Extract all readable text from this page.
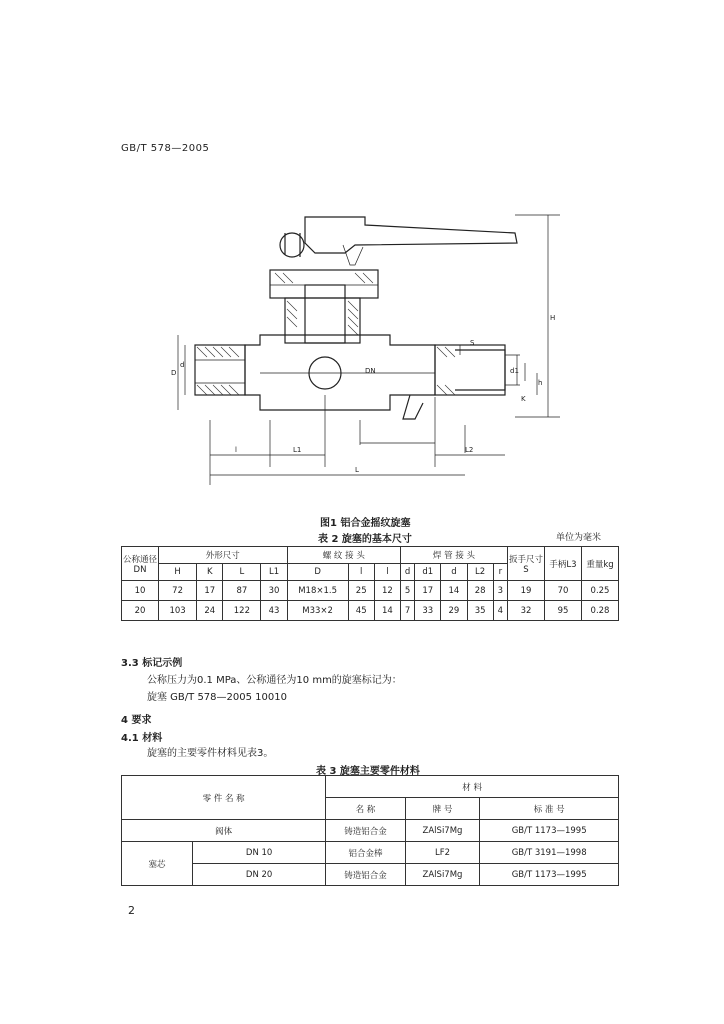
GB/T 578—2005
H
D
d
d1
h
K
S
l	L1
L
L2
DN
图1 铝合金摇纹旋塞
表 2 旋塞的基本尺寸	单位为毫米
公称通径DN	外形尺寸				螺 纹 接 头			焊 管 接 头					扳手尺寸S	手柄L3	重量kg
	H	K	L	L1	D	l	l	d	d1	d	L2	r			
10	72	17	87	30	M18×1.5	25	12	5	17	14	28	3	19	70	0.25
20	103	24	122	43	M33×2	45	14	7	33	29	35	4	32	95	0.28
3.3 标记示例
公称压力为0.1 MPa、公称通径为10 mm的旋塞标记为：
旋塞 GB/T 578—2005 10010
4 要求
4.1 材料
旋塞的主要零件材料见表3。
表 3 旋塞主要零件材料
零 件 名 称		材 料		
		名 称	牌 号	标 准 号
阀体		铸造铝合金	ZAlSi7Mg	GB/T 1173—1995
塞芯	DN 10	铝合金棒	LF2	GB/T 3191—1998
	DN 20	铸造铝合金	ZAlSi7Mg	GB/T 1173—1995
2
